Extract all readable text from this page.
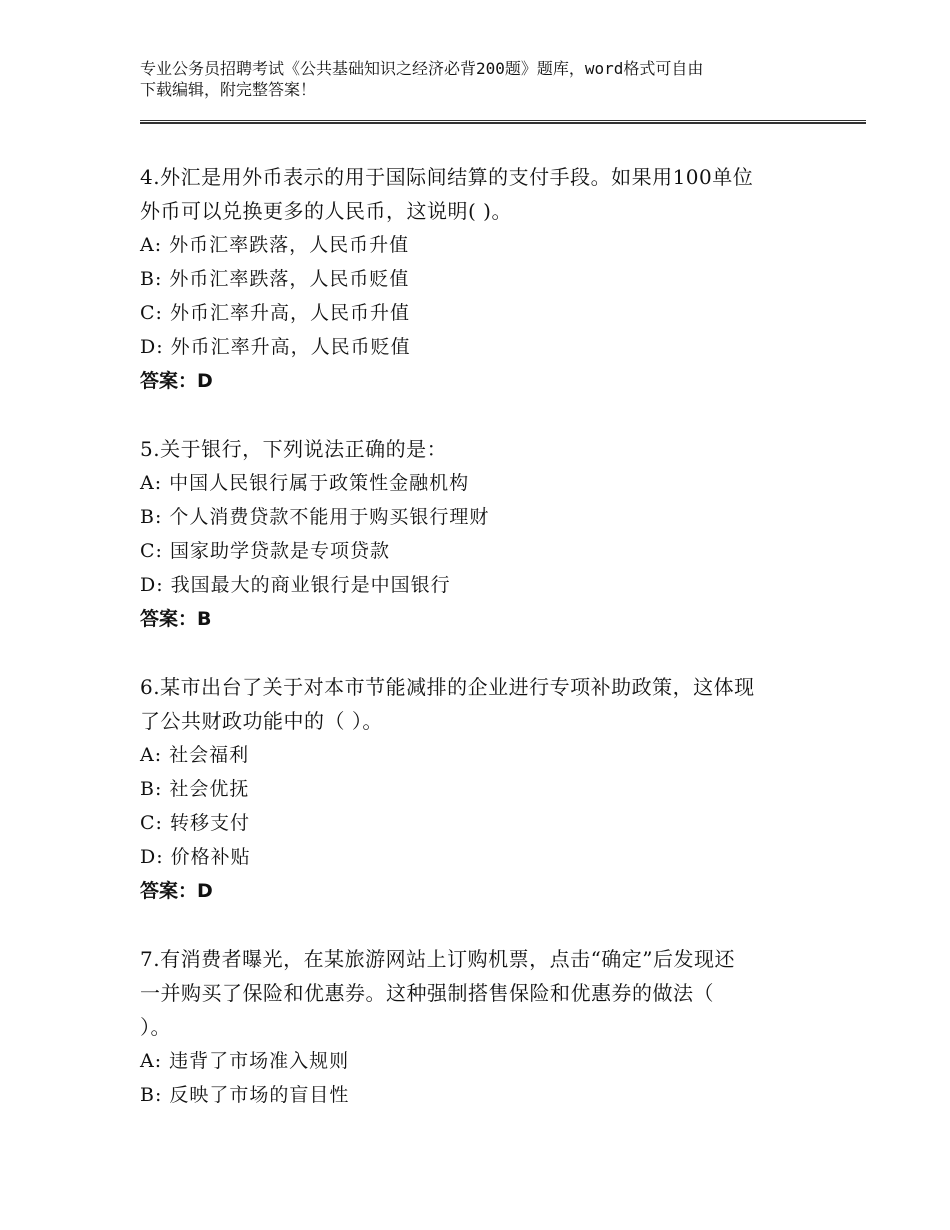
专业公务员招聘考试《公共基础知识之经济必背200题》题库，word格式可自由
下载编辑，附完整答案！
4.外汇是用外币表示的用于国际间结算的支付手段。如果用100单位
外币可以兑换更多的人民币，这说明( )。
A: 外币汇率跌落，人民币升值
B: 外币汇率跌落，人民币贬值
C: 外币汇率升高，人民币升值
D: 外币汇率升高，人民币贬值
答案：D
5.关于银行，下列说法正确的是：
A: 中国人民银行属于政策性金融机构
B: 个人消费贷款不能用于购买银行理财
C: 国家助学贷款是专项贷款
D: 我国最大的商业银行是中国银行
答案：B
6.某市出台了关于对本市节能减排的企业进行专项补助政策，这体现
了公共财政功能中的（ ）。
A: 社会福利
B: 社会优抚
C: 转移支付
D: 价格补贴
答案：D
7.有消费者曝光，在某旅游网站上订购机票，点击“确定”后发现还
一并购买了保险和优惠券。这种强制搭售保险和优惠券的做法（
）。
A: 违背了市场准入规则
B: 反映了市场的盲目性
